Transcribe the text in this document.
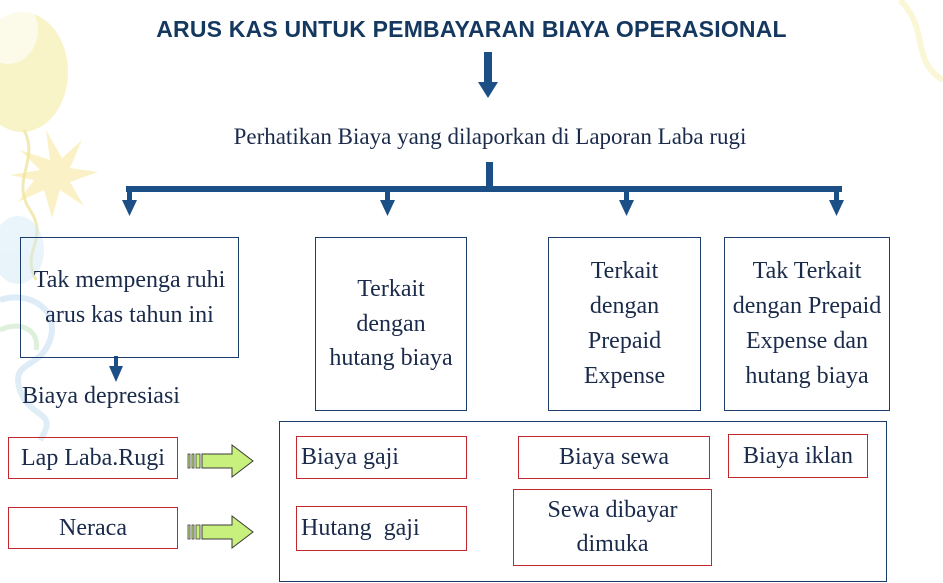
ARUS KAS UNTUK PEMBAYARAN BIAYA OPERASIONAL
Perhatikan Biaya yang dilaporkan di Laporan Laba rugi
Tak mempenga ruhi arus kas tahun ini
Biaya depresiasi
Terkait dengan hutang biaya
Terkait dengan Prepaid Expense
Tak Terkait dengan Prepaid Expense dan hutang biaya
Lap Laba.Rugi
Neraca
Biaya gaji	Biaya sewa	Biaya iklan
Hutang  gaji
Sewa dibayar dimuka
